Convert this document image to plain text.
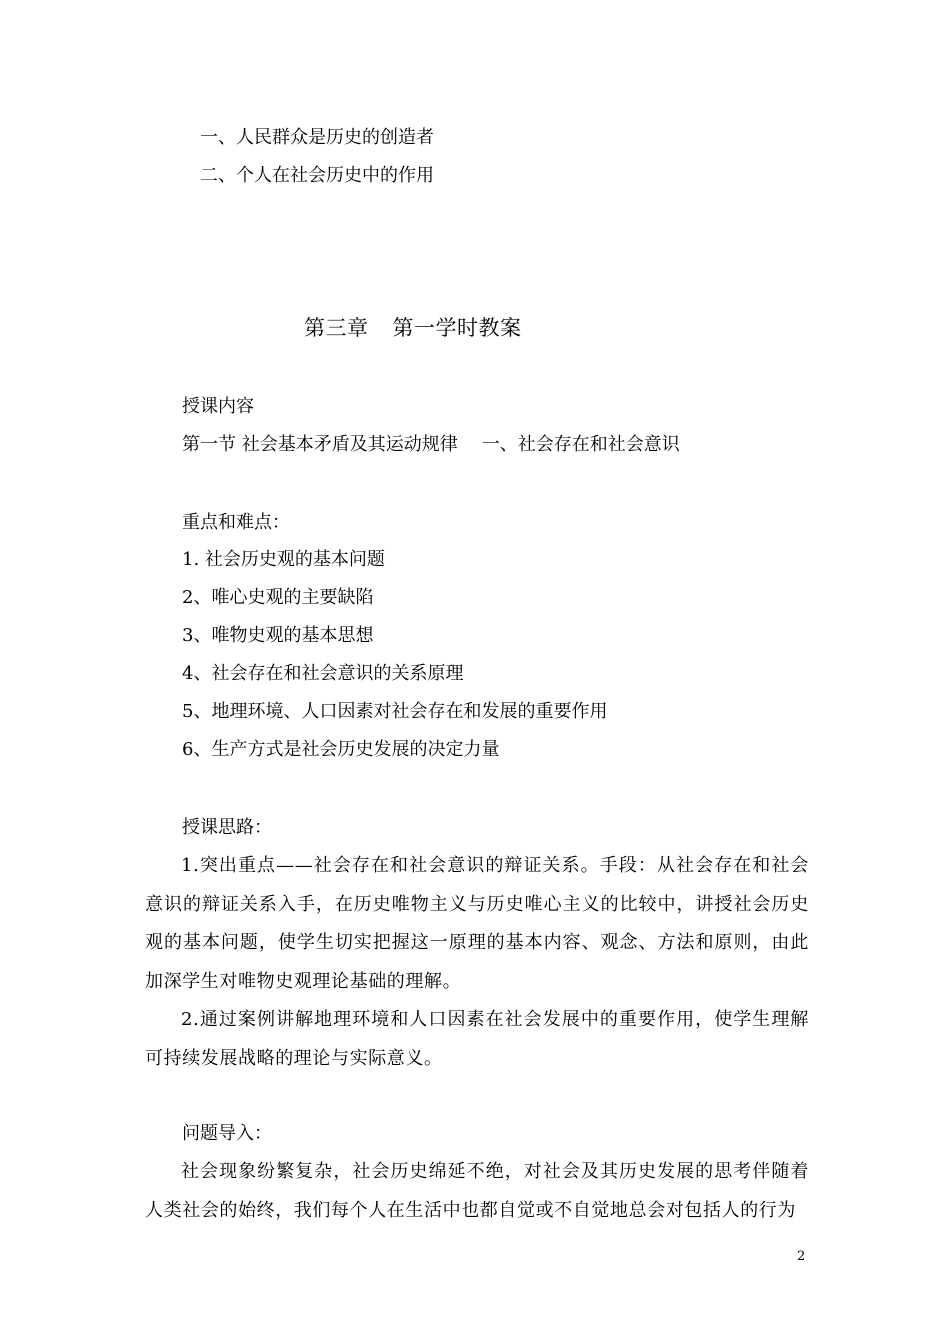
一、人民群众是历史的创造者
二、个人在社会历史中的作用
第三章 第一学时教案
授课内容
第一节 社会基本矛盾及其运动规律 一、社会存在和社会意识
重点和难点：
1. 社会历史观的基本问题
2、唯心史观的主要缺陷
3、唯物史观的基本思想
4、社会存在和社会意识的关系原理
5、地理环境、人口因素对社会存在和发展的重要作用
6、生产方式是社会历史发展的决定力量
授课思路：
1.突出重点——社会存在和社会意识的辩证关系。手段：从社会存在和社会意识的辩证关系入手，在历史唯物主义与历史唯心主义的比较中，讲授社会历史观的基本问题，使学生切实把握这一原理的基本内容、观念、方法和原则，由此加深学生对唯物史观理论基础的理解。
2.通过案例讲解地理环境和人口因素在社会发展中的重要作用，使学生理解可持续发展战略的理论与实际意义。
问题导入：
社会现象纷繁复杂，社会历史绵延不绝，对社会及其历史发展的思考伴随着人类社会的始终，我们每个人在生活中也都自觉或不自觉地总会对包括人的行为
2
